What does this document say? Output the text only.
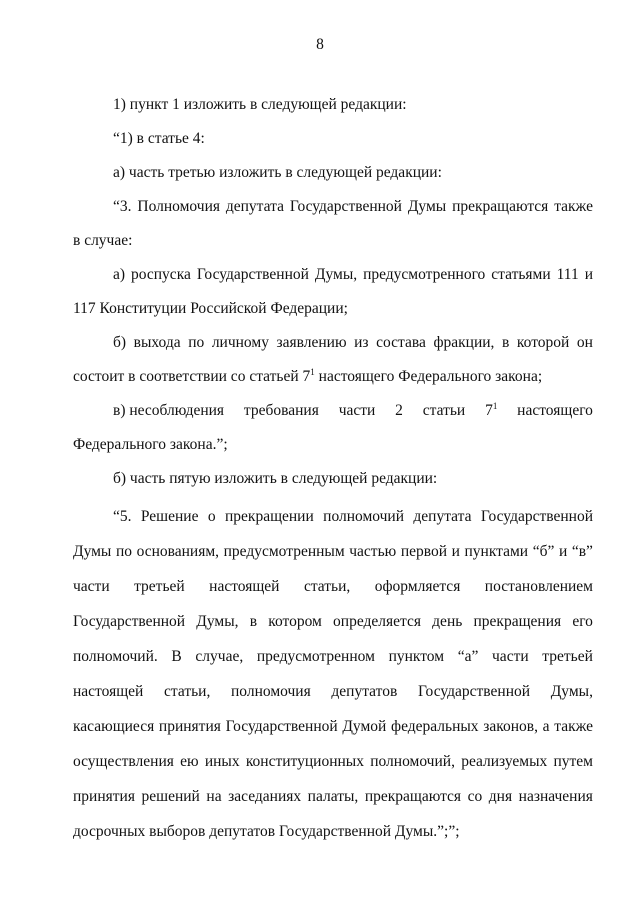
8
1) пункт 1 изложить в следующей редакции:
“1) в статье 4:
а) часть третью изложить в следующей редакции:
“3. Полномочия депутата Государственной Думы прекращаются также
в случае:
а) роспуска Государственной Думы, предусмотренного статьями 111 и
117 Конституции Российской Федерации;
б) выхода по личному заявлению из состава фракции, в которой он
состоит в соответствии со статьей $7^1$ настоящего Федерального закона;
в) несоблюдения требования части 2 статьи $7^1$ настоящего
Федерального закона.”;
б) часть пятую изложить в следующей редакции:
“5. Решение о прекращении полномочий депутата Государственной
Думы по основаниям, предусмотренным частью первой и пунктами “б” и “в”
части третьей настоящей статьи, оформляется постановлением
Государственной Думы, в котором определяется день прекращения его
полномочий. В случае, предусмотренном пунктом “а” части третьей
настоящей статьи, полномочия депутатов Государственной Думы,
касающиеся принятия Государственной Думой федеральных законов, а также
осуществления ею иных конституционных полномочий, реализуемых путем
принятия решений на заседаниях палаты, прекращаются со дня назначения
досрочных выборов депутатов Государственной Думы.”;”;
